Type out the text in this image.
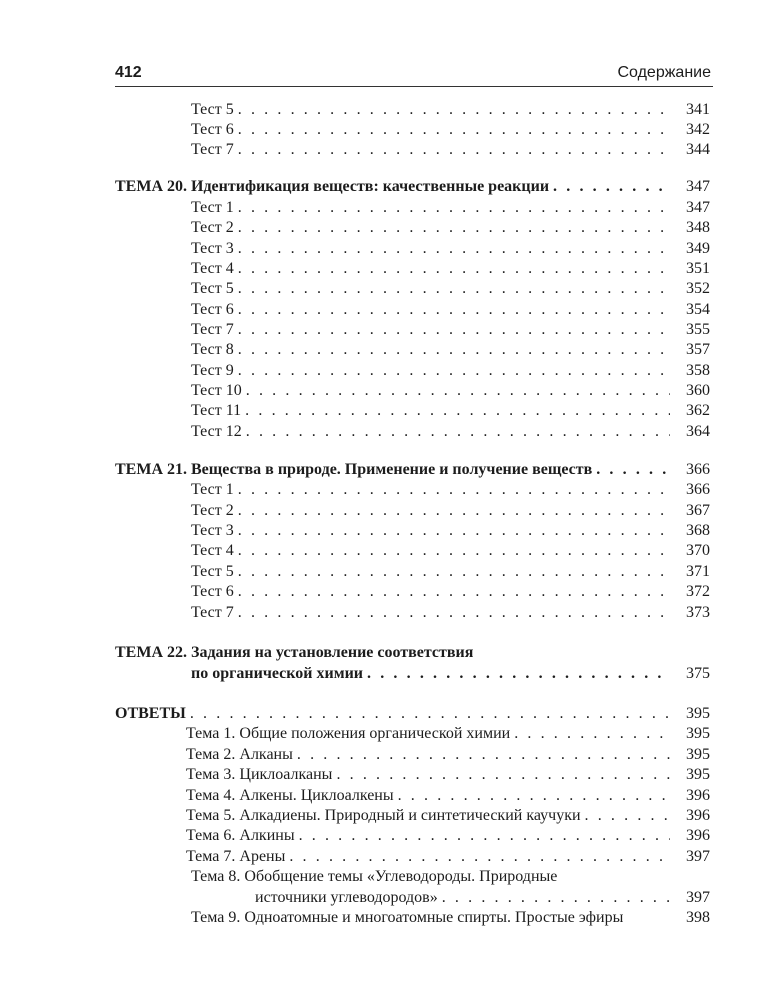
412	Содержание
Тест 5 . . .	341
Тест 6 . . .	342
Тест 7 . . .	344
ТЕМА 20. Идентификация веществ: качественные реакции . . .	347
Тест 1 . . .	347
Тест 2 . . .	348
Тест 3 . . .	349
Тест 4 . . .	351
Тест 5 . . .	352
Тест 6 . . .	354
Тест 7 . . .	355
Тест 8 . . .	357
Тест 9 . . .	358
Тест 10 . . .	360
Тест 11 . . .	362
Тест 12 . . .	364
ТЕМА 21. Вещества в природе. Применение и получение веществ . . .	366
Тест 1 . . .	366
Тест 2 . . .	367
Тест 3 . . .	368
Тест 4 . . .	370
Тест 5 . . .	371
Тест 6 . . .	372
Тест 7 . . .	373
ТЕМА 22. Задания на установление соответствия
по органической химии . . .	375
ОТВЕТЫ . . .	395
Тема 1. Общие положения органической химии . . .	395
Тема 2. Алканы . . .	395
Тема 3. Циклоалканы . . .	395
Тема 4. Алкены. Циклоалкены . . .	396
Тема 5. Алкадиены. Природный и синтетический каучуки . . .	396
Тема 6. Алкины . . .	396
Тема 7. Арены . . .	397
Тема 8. Обобщение темы «Углеводороды. Природные
источники углеводородов» . . .	397
Тема 9. Одноатомные и многоатомные спирты. Простые эфиры	398
